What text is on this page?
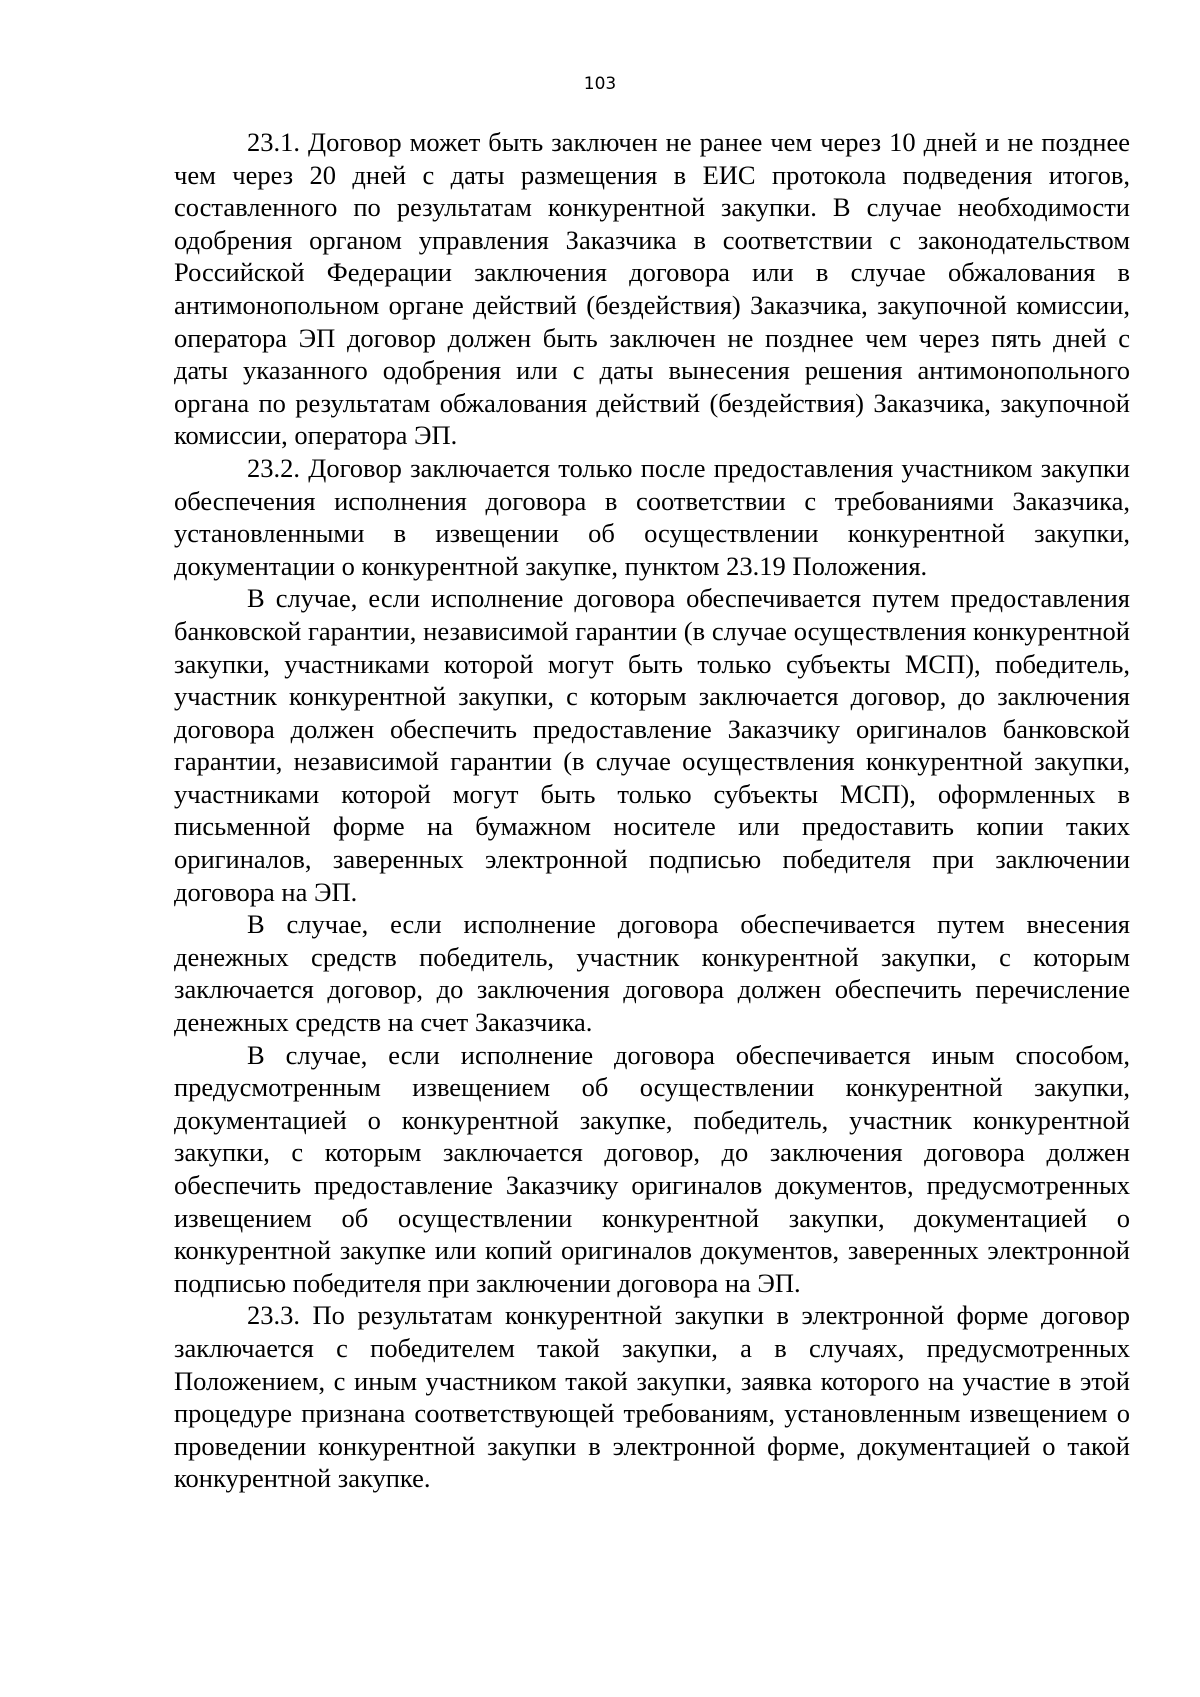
103

23.1. Договор может быть заключен не ранее чем через 10 дней и не позднее чем через 20 дней с даты размещения в ЕИС протокола подведения итогов, составленного по результатам конкурентной закупки. В случае необходимости одобрения органом управления Заказчика в соответствии с законодательством Российской Федерации заключения договора или в случае обжалования в антимонопольном органе действий (бездействия) Заказчика, закупочной комиссии, оператора ЭП договор должен быть заключен не позднее чем через пять дней с даты указанного одобрения или с даты вынесения решения антимонопольного органа по результатам обжалования действий (бездействия) Заказчика, закупочной комиссии, оператора ЭП.

23.2. Договор заключается только после предоставления участником закупки обеспечения исполнения договора в соответствии с требованиями Заказчика, установленными в извещении об осуществлении конкурентной закупки, документации о конкурентной закупке, пунктом 23.19 Положения.

В случае, если исполнение договора обеспечивается путем предоставления банковской гарантии, независимой гарантии (в случае осуществления конкурентной закупки, участниками которой могут быть только субъекты МСП), победитель, участник конкурентной закупки, с которым заключается договор, до заключения договора должен обеспечить предоставление Заказчику оригиналов банковской гарантии, независимой гарантии (в случае осуществления конкурентной закупки, участниками которой могут быть только субъекты МСП), оформленных в письменной форме на бумажном носителе или предоставить копии таких оригиналов, заверенных электронной подписью победителя при заключении договора на ЭП.

В случае, если исполнение договора обеспечивается путем внесения денежных средств победитель, участник конкурентной закупки, с которым заключается договор, до заключения договора должен обеспечить перечисление денежных средств на счет Заказчика.

В случае, если исполнение договора обеспечивается иным способом, предусмотренным извещением об осуществлении конкурентной закупки, документацией о конкурентной закупке, победитель, участник конкурентной закупки, с которым заключается договор, до заключения договора должен обеспечить предоставление Заказчику оригиналов документов, предусмотренных извещением об осуществлении конкурентной закупки, документацией о конкурентной закупке или копий оригиналов документов, заверенных электронной подписью победителя при заключении договора на ЭП.

23.3. По результатам конкурентной закупки в электронной форме договор заключается с победителем такой закупки, а в случаях, предусмотренных Положением, с иным участником такой закупки, заявка которого на участие в этой процедуре признана соответствующей требованиям, установленным извещением о проведении конкурентной закупки в электронной форме, документацией о такой конкурентной закупке.
